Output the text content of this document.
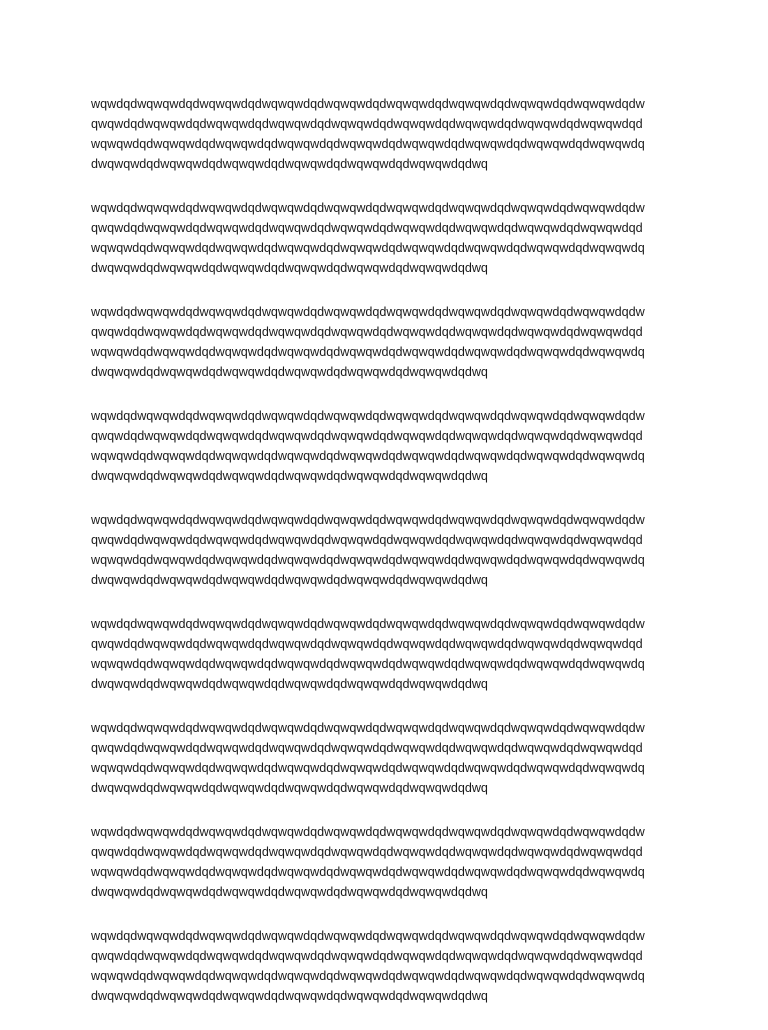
wqwdqdwqwqwdqdwqwqwdqdwqwqwdqdwqwqwdqdwqwqwdqdwqwqwdqdwqwqwdqdwqwqwdqdw
qwqwdqdwqwqwdqdwqwqwdqdwqwqwdqdwqwqwdqdwqwqwdqdwqwqwdqdwqwqwdqdwqwqwdqd
wqwqwdqdwqwqwdqdwqwqwdqdwqwqwdqdwqwqwdqdwqwqwdqdwqwqwdqdwqwqwdqdwqwqwdq
dwqwqwdqdwqwqwdqdwqwqwdqdwqwqwdqdwqwqwdqdwqwqwdqdwq
wqwdqdwqwqwdqdwqwqwdqdwqwqwdqdwqwqwdqdwqwqwdqdwqwqwdqdwqwqwdqdwqwqwdqdw
qwqwdqdwqwqwdqdwqwqwdqdwqwqwdqdwqwqwdqdwqwqwdqdwqwqwdqdwqwqwdqdwqwqwdqd
wqwqwdqdwqwqwdqdwqwqwdqdwqwqwdqdwqwqwdqdwqwqwdqdwqwqwdqdwqwqwdqdwqwqwdq
dwqwqwdqdwqwqwdqdwqwqwdqdwqwqwdqdwqwqwdqdwqwqwdqdwq
wqwdqdwqwqwdqdwqwqwdqdwqwqwdqdwqwqwdqdwqwqwdqdwqwqwdqdwqwqwdqdwqwqwdqdw
qwqwdqdwqwqwdqdwqwqwdqdwqwqwdqdwqwqwdqdwqwqwdqdwqwqwdqdwqwqwdqdwqwqwdqd
wqwqwdqdwqwqwdqdwqwqwdqdwqwqwdqdwqwqwdqdwqwqwdqdwqwqwdqdwqwqwdqdwqwqwdq
dwqwqwdqdwqwqwdqdwqwqwdqdwqwqwdqdwqwqwdqdwqwqwdqdwq
wqwdqdwqwqwdqdwqwqwdqdwqwqwdqdwqwqwdqdwqwqwdqdwqwqwdqdwqwqwdqdwqwqwdqdw
qwqwdqdwqwqwdqdwqwqwdqdwqwqwdqdwqwqwdqdwqwqwdqdwqwqwdqdwqwqwdqdwqwqwdqd
wqwqwdqdwqwqwdqdwqwqwdqdwqwqwdqdwqwqwdqdwqwqwdqdwqwqwdqdwqwqwdqdwqwqwdq
dwqwqwdqdwqwqwdqdwqwqwdqdwqwqwdqdwqwqwdqdwqwqwdqdwq
wqwdqdwqwqwdqdwqwqwdqdwqwqwdqdwqwqwdqdwqwqwdqdwqwqwdqdwqwqwdqdwqwqwdqdw
qwqwdqdwqwqwdqdwqwqwdqdwqwqwdqdwqwqwdqdwqwqwdqdwqwqwdqdwqwqwdqdwqwqwdqd
wqwqwdqdwqwqwdqdwqwqwdqdwqwqwdqdwqwqwdqdwqwqwdqdwqwqwdqdwqwqwdqdwqwqwdq
dwqwqwdqdwqwqwdqdwqwqwdqdwqwqwdqdwqwqwdqdwqwqwdqdwq
wqwdqdwqwqwdqdwqwqwdqdwqwqwdqdwqwqwdqdwqwqwdqdwqwqwdqdwqwqwdqdwqwqwdqdw
qwqwdqdwqwqwdqdwqwqwdqdwqwqwdqdwqwqwdqdwqwqwdqdwqwqwdqdwqwqwdqdwqwqwdqd
wqwqwdqdwqwqwdqdwqwqwdqdwqwqwdqdwqwqwdqdwqwqwdqdwqwqwdqdwqwqwdqdwqwqwdq
dwqwqwdqdwqwqwdqdwqwqwdqdwqwqwdqdwqwqwdqdwqwqwdqdwq
wqwdqdwqwqwdqdwqwqwdqdwqwqwdqdwqwqwdqdwqwqwdqdwqwqwdqdwqwqwdqdwqwqwdqdw
qwqwdqdwqwqwdqdwqwqwdqdwqwqwdqdwqwqwdqdwqwqwdqdwqwqwdqdwqwqwdqdwqwqwdqd
wqwqwdqdwqwqwdqdwqwqwdqdwqwqwdqdwqwqwdqdwqwqwdqdwqwqwdqdwqwqwdqdwqwqwdq
dwqwqwdqdwqwqwdqdwqwqwdqdwqwqwdqdwqwqwdqdwqwqwdqdwq
wqwdqdwqwqwdqdwqwqwdqdwqwqwdqdwqwqwdqdwqwqwdqdwqwqwdqdwqwqwdqdwqwqwdqdw
qwqwdqdwqwqwdqdwqwqwdqdwqwqwdqdwqwqwdqdwqwqwdqdwqwqwdqdwqwqwdqdwqwqwdqd
wqwqwdqdwqwqwdqdwqwqwdqdwqwqwdqdwqwqwdqdwqwqwdqdwqwqwdqdwqwqwdqdwqwqwdq
dwqwqwdqdwqwqwdqdwqwqwdqdwqwqwdqdwqwqwdqdwqwqwdqdwq
wqwdqdwqwqwdqdwqwqwdqdwqwqwdqdwqwqwdqdwqwqwdqdwqwqwdqdwqwqwdqdwqwqwdqdw
qwqwdqdwqwqwdqdwqwqwdqdwqwqwdqdwqwqwdqdwqwqwdqdwqwqwdqdwqwqwdqdwqwqwdqd
wqwqwdqdwqwqwdqdwqwqwdqdwqwqwdqdwqwqwdqdwqwqwdqdwqwqwdqdwqwqwdqdwqwqwdq
dwqwqwdqdwqwqwdqdwqwqwdqdwqwqwdqdwqwqwdqdwqwqwdqdwq
